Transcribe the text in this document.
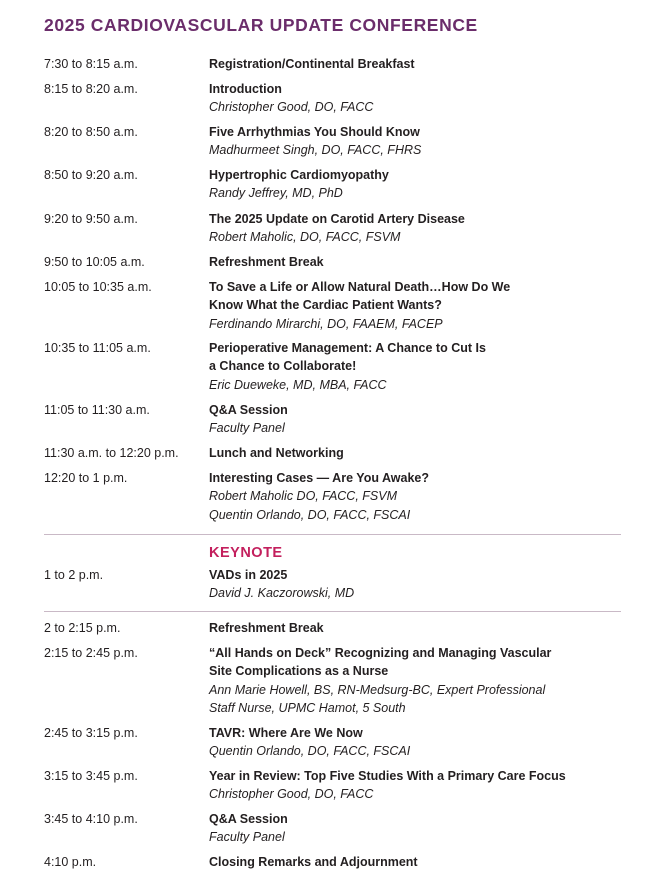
2025 CARDIOVASCULAR UPDATE CONFERENCE
7:30 to 8:15 a.m.	Registration/Continental Breakfast
8:15 to 8:20 a.m.	Introduction
Christopher Good, DO, FACC
8:20 to 8:50 a.m.	Five Arrhythmias You Should Know
Madhurmeet Singh, DO, FACC, FHRS
8:50 to 9:20 a.m.	Hypertrophic Cardiomyopathy
Randy Jeffrey, MD, PhD
9:20 to 9:50 a.m.	The 2025 Update on Carotid Artery Disease
Robert Maholic, DO, FACC, FSVM
9:50 to 10:05 a.m.	Refreshment Break
10:05 to 10:35 a.m.	To Save a Life or Allow Natural Death…How Do We
Know What the Cardiac Patient Wants?
Ferdinando Mirarchi, DO, FAAEM, FACEP
10:35 to 11:05 a.m.	Perioperative Management: A Chance to Cut Is
a Chance to Collaborate!
Eric Dueweke, MD, MBA, FACC
11:05 to 11:30 a.m.	Q&A Session
Faculty Panel
11:30 a.m. to 12:20 p.m.	Lunch and Networking
12:20 to 1 p.m.	Interesting Cases — Are You Awake?
Robert Maholic DO, FACC, FSVM
Quentin Orlando, DO, FACC, FSCAI
KEYNOTE
1 to 2 p.m.	VADs in 2025
David J. Kaczorowski, MD
2 to 2:15 p.m.	Refreshment Break
2:15 to 2:45 p.m.	“All Hands on Deck” Recognizing and Managing Vascular
Site Complications as a Nurse
Ann Marie Howell, BS, RN-Medsurg-BC, Expert Professional
Staff Nurse, UPMC Hamot, 5 South
2:45 to 3:15 p.m.	TAVR: Where Are We Now
Quentin Orlando, DO, FACC, FSCAI
3:15 to 3:45 p.m.	Year in Review: Top Five Studies With a Primary Care Focus
Christopher Good, DO, FACC
3:45 to 4:10 p.m.	Q&A Session
Faculty Panel
4:10 p.m.	Closing Remarks and Adjournment
